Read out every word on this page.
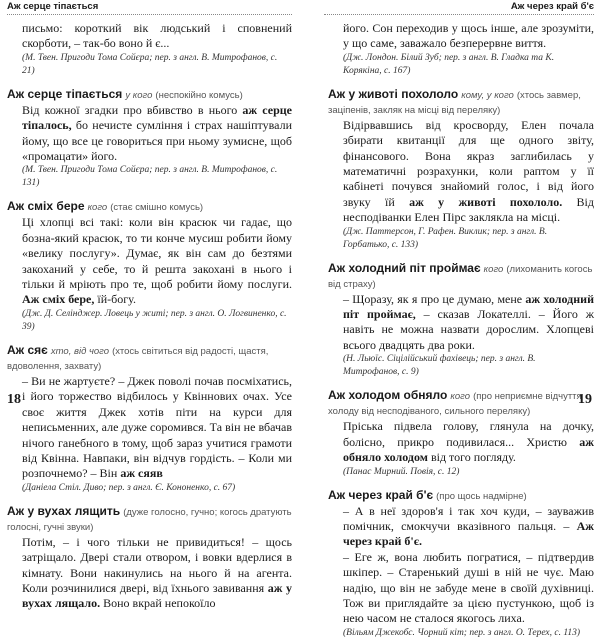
Аж серце тіпається

письмо: короткий вік людський і сповнений скорботи, – так-бо воно й є...

(М. Твен. Пригоди Тома Сойєра; пер. з англ. В. Митрофанов, с. 21)
Аж серце тіпається у кого (неспокійно комусь)

Від кожної згадки про вбивство в нього аж серце тіпалось, бо нечисте сумління і страх нашіптували йому, що все це говориться при ньому зумисне, щоб «промацати» його.

(М. Твен. Пригоди Тома Сойєра; пер. з англ. В. Митрофанов, с. 131)
Аж сміх бере кого (стає смішно комусь)

Ці хлопці всі такі: коли він красюк чи гадає, що бозна-який красюк, то ти конче мусиш робити йому «велику послугу». Думає, як він сам до безтями закоханий у себе, то й решта закохані в нього і тільки й мріють про те, щоб робити йому послуги. Аж сміх бере, їй-богу.

(Дж. Д. Селінджер. Ловець у житі; пер. з англ. О. Логвиненко, с. 39)
Аж сяє хто, від чого (хтось світиться від радості, щастя, вдоволення, захвату)

– Ви не жартуєте? – Джек поволі почав посміхатись, і його торжество відбилось у Квіннових очах. Усе своє життя Джек хотів піти на курси для неписьменних, але дуже соромився. Та він не вбачав нічого ганебного в тому, щоб зараз учитися грамоти від Квінна. Навпаки, він відчув гордість. – Коли ми розпочнемо? – Він аж сяяв

(Даніела Стіл. Диво; пер. з англ. Є. Кононенко, с. 67)
Аж у вухах лящить (дуже голосно, гучно; когось дратують голосні, гучні звуки)

Потім, – і чого тільки не привидиться! – щось затріщало. Двері стали отвором, і вовки вдерлися в кімнату. Вони накинулись на нього й на агента. Коли розчинилися двері, від їхнього завивання аж у вухах лящало. Воно вкрай непокоїло

18
Аж через край б'є

його. Сон переходив у щось інше, але зрозуміти, у що саме, заважало безперервне виття.

(Дж. Лондон. Білий Зуб; пер. з англ. В. Гладка та К. Корякіна, с. 167)
Аж у животі похололо кому, у кого (хтось завмер, заціпенів, закляк на місці від переляку)

Відірвавшись від кросворду, Елен почала збирати квитанції для ще одного звіту, фінансового. Вона якраз заглибилась у математичні розрахунки, коли раптом у її кабінеті почувся знайомий голос, і від його звуку їй аж у животі похололо. Від несподіванки Елен Пірс заклякла на місці.

(Дж. Паттерсон, Г. Рафен. Виклик; пер. з англ. В. Горбатько, с. 133)
Аж холодний піт проймає кого (лихоманить когось від страху)

– Щоразу, як я про це думаю, мене аж холодний піт проймає, – сказав Локателлі. – Його ж навіть не можна назвати дорослим. Хлопцеві всього двадцять два роки.

(Н. Льюїс. Сіцілійський фахівець; пер. з англ. В. Митрофанов, с. 9)
Аж холодом обняло кого (про неприємне відчуття холоду від несподіваного, сильного переляку)

Пріська підвела голову, глянула на дочку, болісно, прикро подивилася... Христю аж обняло холодом від того погляду.

(Панас Мирний. Повія, с. 12)
Аж через край б'є (про щось надмірне)

– А в неї здоров'я і так хоч куди, – зауважив помічник, смокчучи вказівного пальця. – Аж через край б'є.

– Еге ж, вона любить погратися, – підтвердив шкіпер. – Старенький душі в ній не чує. Маю надію, що він не забуде мене в своїй духівниці. Тож ви приглядайте за цією пустункою, щоб із нею часом не сталося якогось лиха.

(Вільям Джекобс. Чорний кіт; пер. з англ. О. Терех, с. 113)
19
